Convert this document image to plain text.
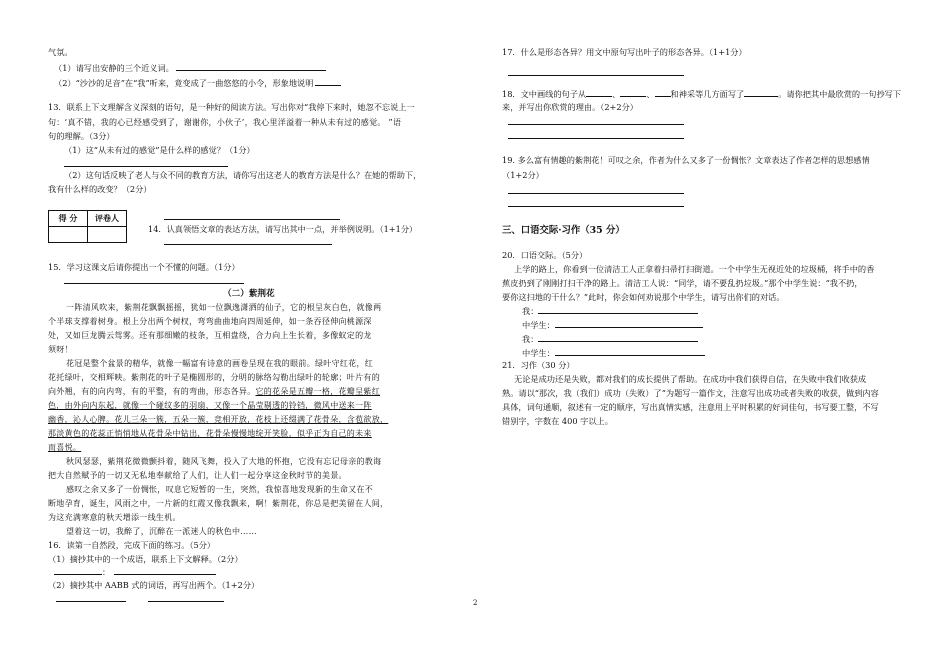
气氛。
（1）请写出安静的三个近义词。
（2）“沙沙的足音”在“我”听来，竟变成了一曲悠悠的小令，形象地说明
13．联系上下文理解含义深刻的语句，是一种好的阅读方法。写出你对“我停下来时，她忽不忘说上一
句：‘真不错，我的心已经感受到了，谢谢你，小伙子’，我心里洋溢着一种从未有过的感觉。 ”语
句的理解。（3分）
（1）这“从未有过的感觉”是什么样的感觉？（1分）
（2）这句话反映了老人与众不同的教育方法，请你写出这老人的教育方法是什么？在她的帮助下，
我有什么样的改变？（2分）
得 分	评卷人

14．认真领悟文章的表达方法，请写出其中一点，并举例说明。（1+1分）
15．学习这课文后请你提出一个不懂的问题。（1分）
（二）紫荆花
一阵清风吹来，紫荆花飘飘摇摇，犹如一位飘逸潇洒的仙子，它的根呈灰白色，就像两
个半球支撑着树身。根上分出两个树杈，弯弯曲曲地向四周延伸，如一条吞径伸向桃源深
处，又如巨龙腾云驾雾。还有那细嫩的枝条，互相盘绕，合力向上生长着，多像蚁定的龙
须呀！
花冠是整个盆景的精华，就像一幅富有诗意的画卷呈现在我的眼前。绿叶守红花，红
花托绿叶，交相辉映。紫荆花的叶子是椭圆形的，分明的脉络勾勒出绿叶的轮廓；叶片有的
向外翘，有的向内弯，有的平整，有的弯曲，形态各异。它的花朵是五瓣一格，花瓣呈紫红
色，由外向内东起，就像一个碰纹多的羽扇，又像一个晶莹剔透的铃铛，微风中送来一阵
幽香，沁人心脾。花儿三朵一簇，五朵一簇，竞相开放，花枝上还缀满了花骨朵，含苞欲放，
那淡黄色的花蕊正悄悄地从花骨朵中钻出，花骨朵慢慢地绽开笑脸，似乎正为自己的未来
而喜悦。
秋风瑟瑟，紫荆花微微颤抖着，随风飞舞，投入了大地的怀抱，它没有忘记母亲的教诲
把大自然赋予的一切又无私地奉献给了人们，让人们一起分享这金秋时节的美景。
感叹之余又多了一份惆怅，叹息它短暂的一生，突然，我惊喜地发现新的生命又在不
断地孕育，诞生，风雨之中，一片新的红霞又像我飘来，啊！紫荆花，你总是把美留在人间，
为这充满寒意的秋天增添一线生机。
望着这一切，我醉了，沉醉在一派迷人的秋色中……
16．读第一自然段，完成下面的练习。（5分）
（1）摘抄其中的一个成语，联系上下文解释。（2分）
：
（2）摘抄其中 AABB 式的词语，再写出两个。（1+2分）
17．什么是形态各异？用文中原句写出叶子的形态各异。（1+1分）
18．文中画线的句子从	、	、 和神采等几方面写了	。请你把其中最欣赏的一句抄写下
来，并写出你欣赏的理由。（2+2分）
19. 多么富有情趣的紫荆花！可叹之余，作者为什么又多了一份惆怅？文章表达了作者怎样的思想感情
（1+2分）
三、口语交际·习作（35 分）
20．口语交际。（5分）
上学的路上，你看到一位清洁工人正拿着扫帚打扫街道。一个中学生无视近处的垃圾桶，将手中的香
蕉皮扔到了刚刚打扫干净的路上。清洁工人说：“同学，请不要乱扔垃圾。”那个中学生说：“我不扔，
要你这扫地的干什么？”此时，你会如何劝说那个中学生，请写出你们的对话。
我：
中学生：
我：
中学生：
21．习作（30 分）
无论是成功还是失败，都对我们的成长提供了帮助。在成功中我们获得自信，在失败中我们收获成
熟。请以“那次，我（我们）成功（失败）了”为题写一篇作文，注意写出成功或者失败的收获，做到内容
具体，词句通顺，叙述有一定的顺序，写出真情实感，注意用上平时积累的好词佳句，书写要工整，不写
错别字，字数在 400 字以上。
2
